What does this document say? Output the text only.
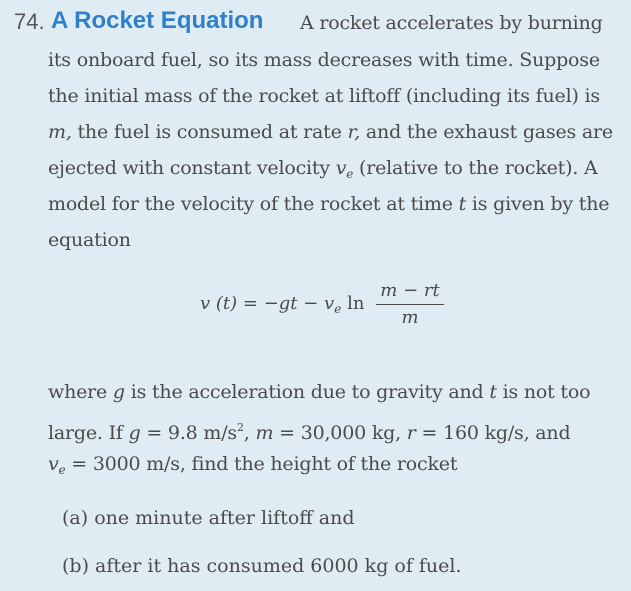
74. A Rocket Equation A rocket accelerates by burning
its onboard fuel, so its mass decreases with time. Suppose
the initial mass of the rocket at liftoff (including its fuel) is
m, the fuel is consumed at rate r, and the exhaust gases are
ejected with constant velocity $v_e$ (relative to the rocket). A
model for the velocity of the rocket at time t is given by the
equation
v $(t) = -gt - v_e$ ln
m − rt
m
where g is the acceleration due to gravity and t is not too
large. If g = 9.8 $m/s^2$, m = 30,000 kg, r = 160 kg/s, and
$v_e = 3000$ m/s, find the height of the rocket
(a) one minute after liftoff and
(b) after it has consumed 6000 kg of fuel.
